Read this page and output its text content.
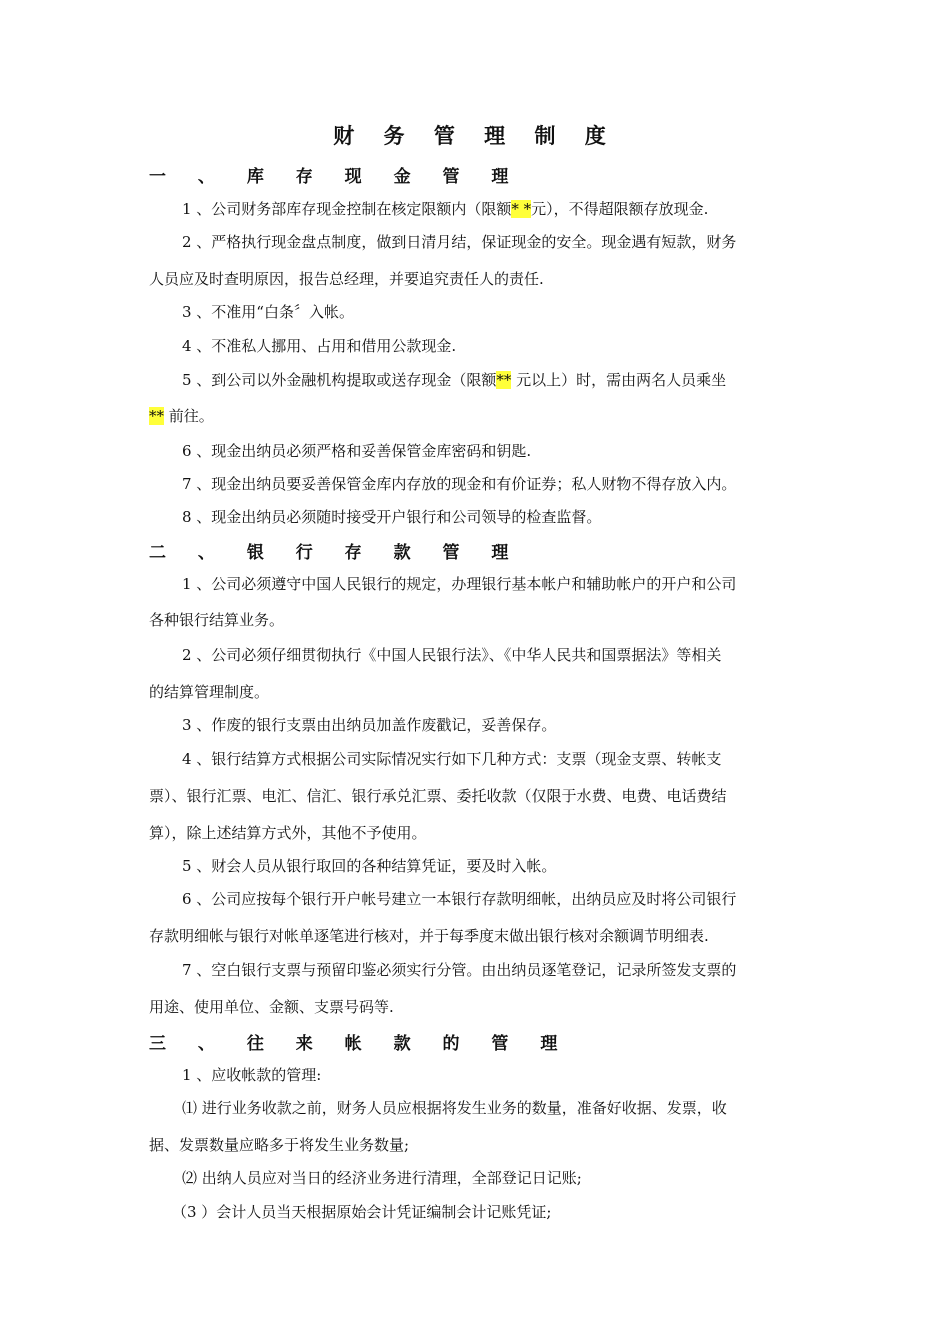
财 务 管 理 制 度
一 、 库 存 现 金 管 理

1 、公司财务部库存现金控制在核定限额内（限额* *元），不得超限额存放现金.

2 、严格执行现金盘点制度，做到日清月结，保证现金的安全。现金遇有短款，财务

人员应及时查明原因，报告总经理，并要追究责任人的责任.

3 、不准用“白条〞入帐。

4 、不准私人挪用、占用和借用公款现金.

5 、到公司以外金融机构提取或送存现金（限额** 元以上）时，需由两名人员乘坐

** 前往。

6 、现金出纳员必须严格和妥善保管金库密码和钥匙.

7 、现金出纳员要妥善保管金库内存放的现金和有价证券；私人财物不得存放入内。

8 、现金出纳员必须随时接受开户银行和公司领导的检查监督。

二 、 银 行 存 款 管 理

1 、公司必须遵守中国人民银行的规定，办理银行基本帐户和辅助帐户的开户和公司

各种银行结算业务。

2 、公司必须仔细贯彻执行《中国人民银行法》、《中华人民共和国票据法》等相关

的结算管理制度。

3 、作废的银行支票由出纳员加盖作废戳记，妥善保存。

4 、银行结算方式根据公司实际情况实行如下几种方式：支票（现金支票、转帐支

票）、银行汇票、电汇、信汇、银行承兑汇票、委托收款（仅限于水费、电费、电话费结

算），除上述结算方式外，其他不予使用。

5 、财会人员从银行取回的各种结算凭证，要及时入帐。

6 、公司应按每个银行开户帐号建立一本银行存款明细帐，出纳员应及时将公司银行

存款明细帐与银行对帐单逐笔进行核对，并于每季度末做出银行核对余额调节明细表.

7 、空白银行支票与预留印鉴必须实行分管。由出纳员逐笔登记，记录所签发支票的

用途、使用单位、金额、支票号码等.

三 、 往 来 帐 款 的 管 理

1 、应收帐款的管理:

⑴ 进行业务收款之前，财务人员应根据将发生业务的数量，准备好收据、发票，收

据、发票数量应略多于将发生业务数量;

⑵ 出纳人员应对当日的经济业务进行清理，全部登记日记账;

（3 ）会计人员当天根据原始会计凭证编制会计记账凭证;
